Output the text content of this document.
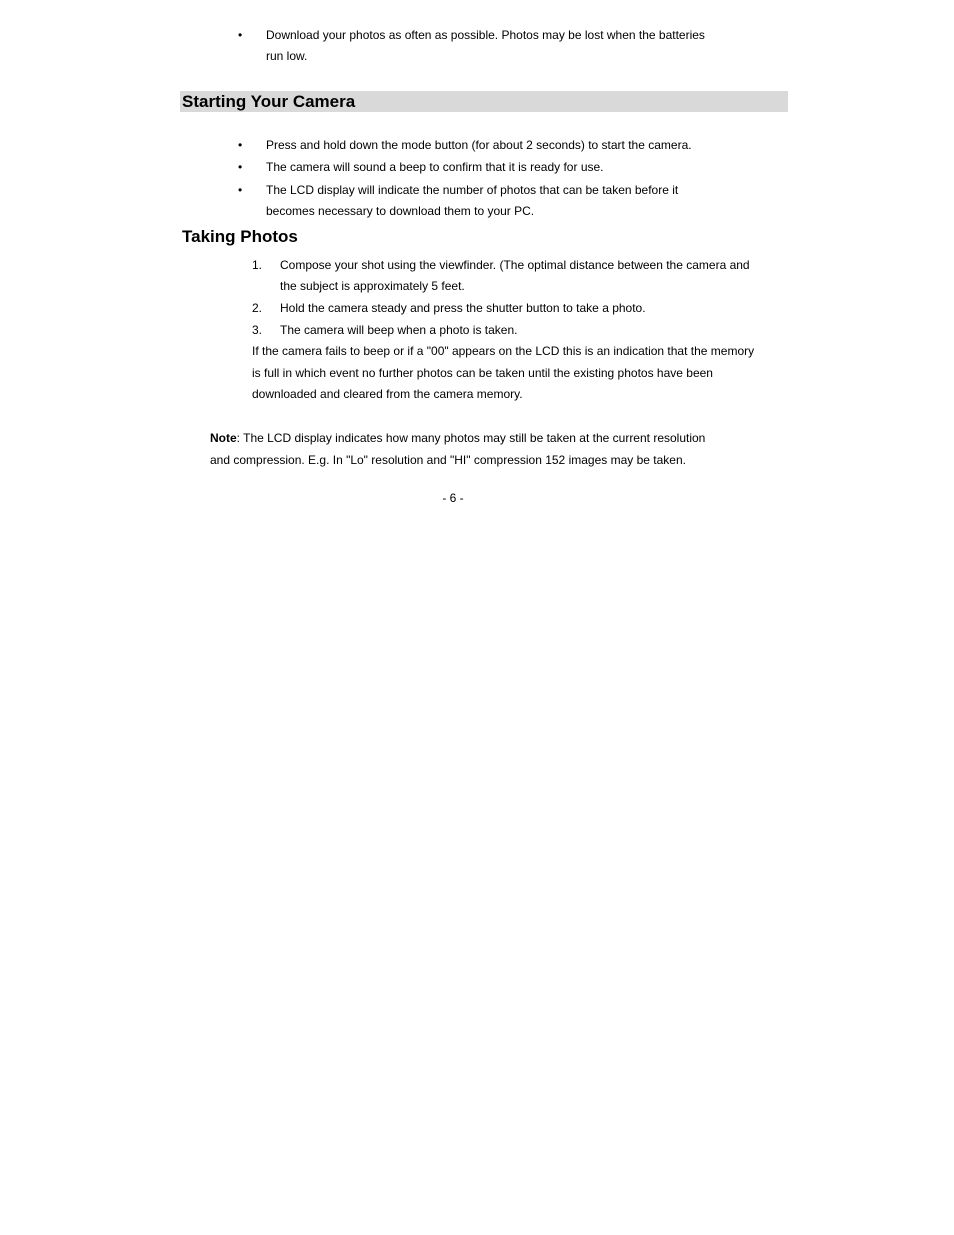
•	Download your photos as often as possible. Photos may be lost when the batteries
run low.
Starting Your Camera
•	Press and hold down the mode button (for about 2 seconds) to start the camera.
•	The camera will sound a beep to confirm that it is ready for use.
•	The LCD display will indicate the number of photos that can be taken before it
becomes necessary to download them to your PC.
Taking Photos
1.	Compose your shot using the viewfinder. (The optimal distance between the camera and
the subject is approximately 5 feet.
2.	Hold the camera steady and press the shutter button to take a photo.
3.	The camera will beep when a photo is taken.
If the camera fails to beep or if a "00" appears on the LCD this is an indication that the memory
is full in which event no further photos can be taken until the existing photos have been
downloaded and cleared from the camera memory.
Note: The LCD display indicates how many photos may still be taken at the current resolution
and compression. E.g. In "Lo" resolution and "HI" compression 152 images may be taken.
- 6 -
